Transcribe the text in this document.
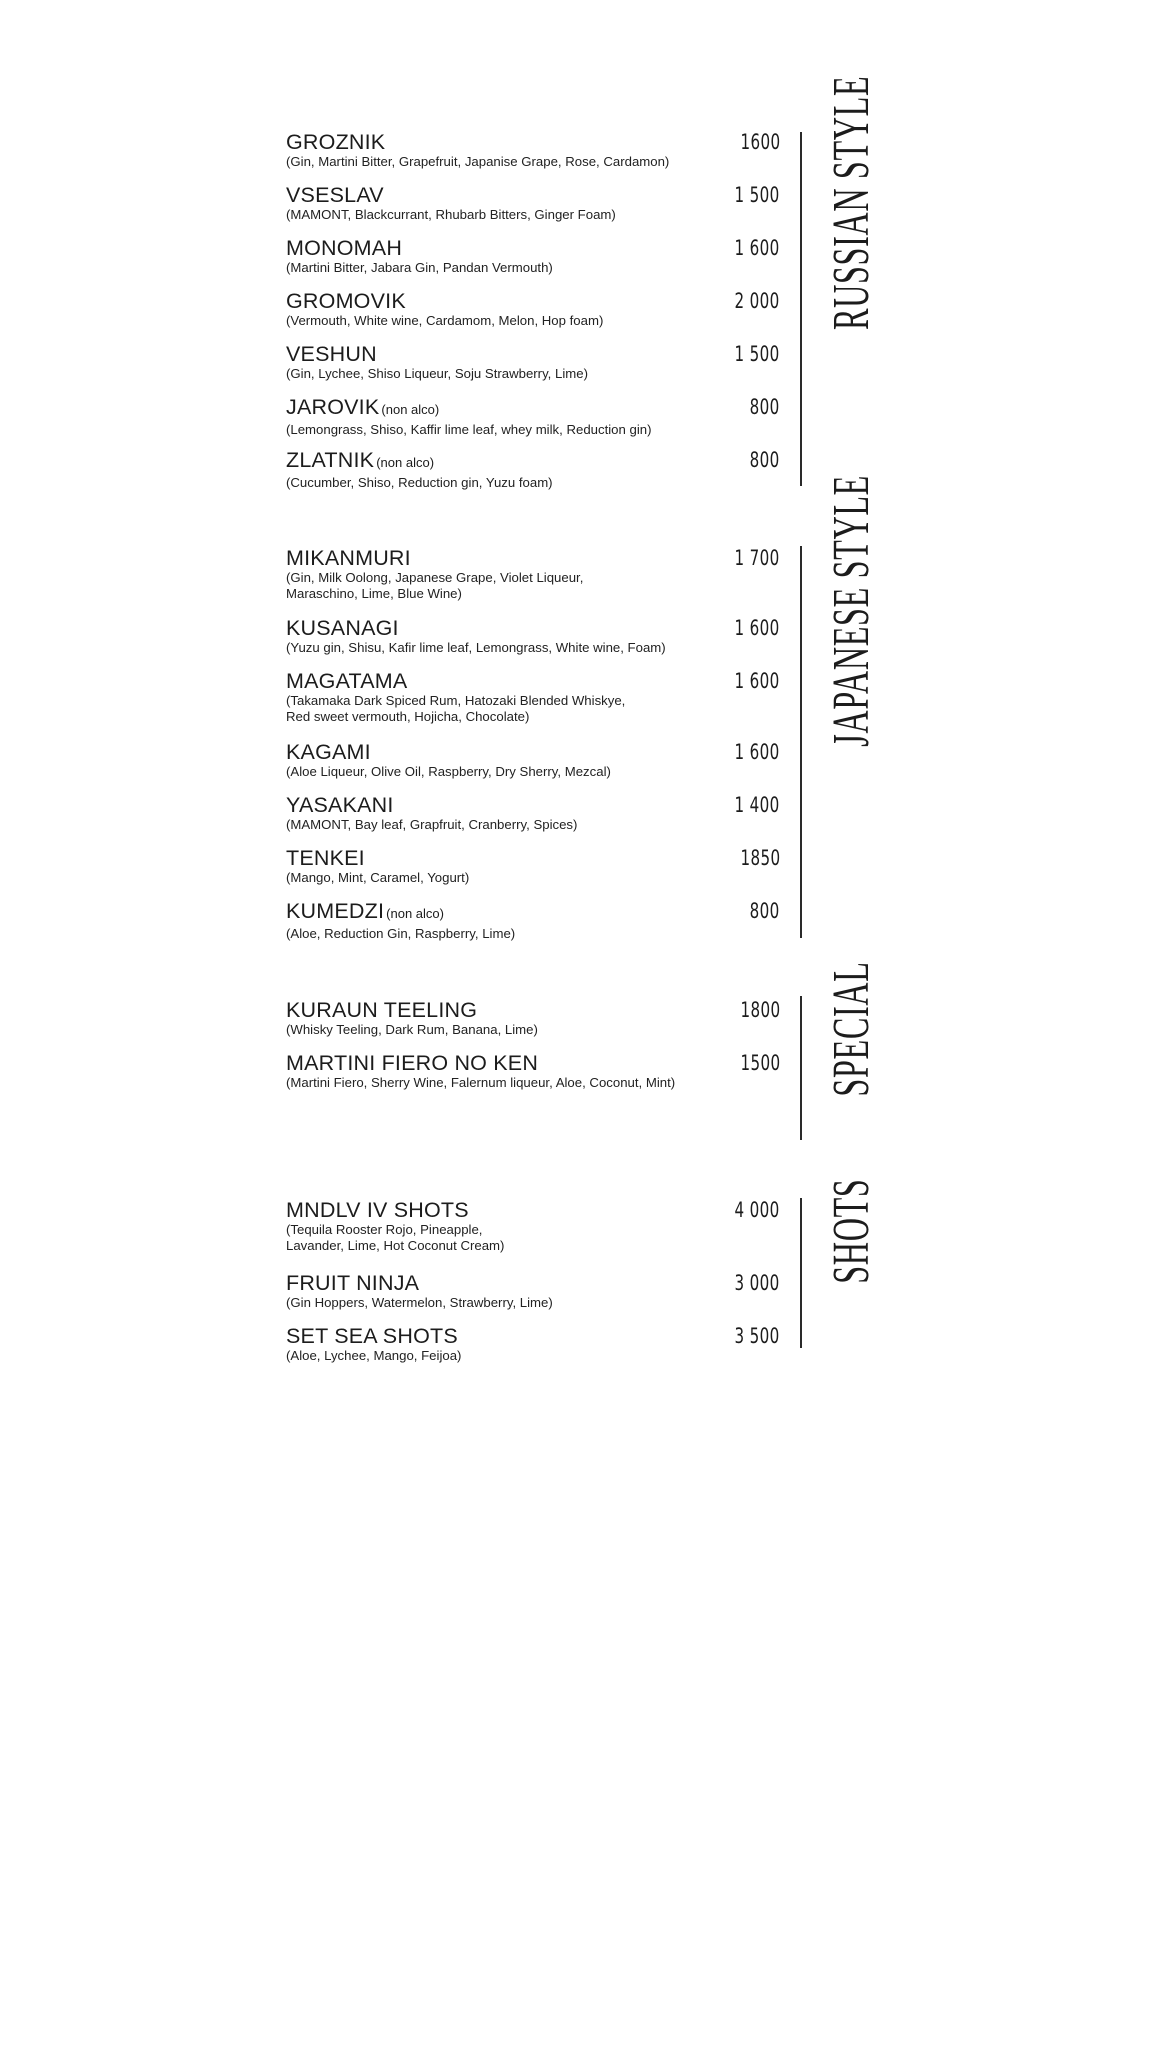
GROZNIK
(Gin, Martini Bitter, Grapefruit, Japanise Grape, Rose, Cardamon)
1600
VSESLAV
(MAMONT, Blackcurrant, Rhubarb Bitters, Ginger Foam)
1 500
MONOMAH
(Martini Bitter, Jabara Gin, Pandan Vermouth)
1 600
GROMOVIK
(Vermouth, White wine, Cardamom, Melon, Hop foam)
2 000
VESHUN
(Gin, Lychee, Shiso Liqueur, Soju Strawberry, Lime)
1 500
JAROVIK (non alco)
(Lemongrass, Shiso, Kaffir lime leaf, whey milk, Reduction gin)
800
ZLATNIK (non alco)
(Cucumber, Shiso, Reduction gin, Yuzu foam)
800
RUSSIAN STYLE
MIKANMURI
(Gin, Milk Oolong, Japanese Grape, Violet Liqueur,
Maraschino, Lime, Blue Wine)
1 700
KUSANAGI
(Yuzu gin, Shisu, Kafir lime leaf, Lemongrass, White wine, Foam)
1 600
MAGATAMA
(Takamaka Dark Spiced Rum, Hatozaki Blended Whiskye,
Red sweet vermouth, Hojicha, Chocolate)
1 600
KAGAMI
(Aloe Liqueur, Olive Oil, Raspberry, Dry Sherry, Mezcal)
1 600
YASAKANI
(MAMONT, Bay leaf, Grapfruit, Cranberry, Spices)
1 400
TENKEI
(Mango, Mint, Caramel, Yogurt)
1850
KUMEDZI (non alco)
(Aloe, Reduction Gin, Raspberry, Lime)
800
JAPANESE STYLE
KURAUN TEELING
(Whisky Teeling, Dark Rum, Banana, Lime)
1800
MARTINI FIERO NO KEN
(Martini Fiero, Sherry Wine, Falernum liqueur, Aloe, Coconut, Mint)
1500 SPECIAL
MNDLV IV SHOTS
(Tequila Rooster Rojo, Pineapple,
Lavander, Lime, Hot Coconut Cream)
4 000
FRUIT NINJA
(Gin Hoppers, Watermelon, Strawberry, Lime)
3 000
SET SEA SHOTS
(Aloe, Lychee, Mango, Feijoa)
3 500
SHOTS
